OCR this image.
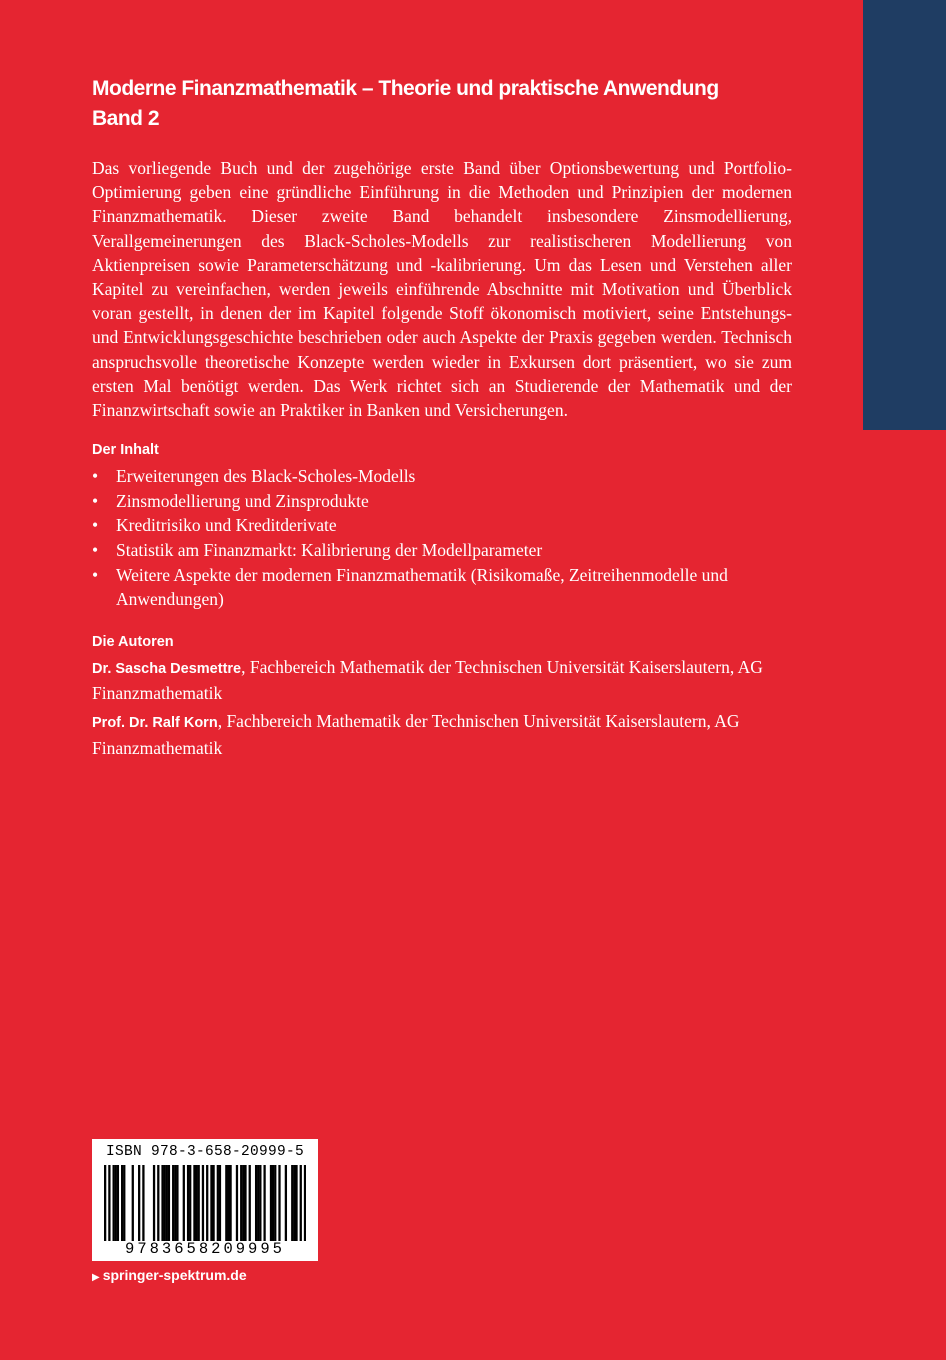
Moderne Finanzmathematik – Theorie und praktische Anwendung
Band 2

Das vorliegende Buch und der zugehörige erste Band über Optionsbewertung und Portfolio-Optimierung geben eine gründliche Einführung in die Methoden und Prinzipien der modernen Finanzmathematik. Dieser zweite Band behandelt insbesondere Zinsmodellierung, Verallgemeinerungen des Black-Scholes-Modells zur realistischeren Modellierung von Aktienpreisen sowie Parameterschätzung und -kalibrierung. Um das Lesen und Verstehen aller Kapitel zu vereinfachen, werden jeweils einführende Abschnitte mit Motivation und Überblick voran gestellt, in denen der im Kapitel folgende Stoff ökonomisch motiviert, seine Entstehungs- und Entwicklungsgeschichte beschrieben oder auch Aspekte der Praxis gegeben werden. Technisch anspruchsvolle theoretische Konzepte werden wieder in Exkursen dort präsentiert, wo sie zum ersten Mal benötigt werden. Das Werk richtet sich an Studierende der Mathematik und der Finanzwirtschaft sowie an Praktiker in Banken und Versicherungen.

Der Inhalt
• Erweiterungen des Black-Scholes-Modells
• Zinsmodellierung und Zinsprodukte
• Kreditrisiko und Kreditderivate
• Statistik am Finanzmarkt: Kalibrierung der Modellparameter
• Weitere Aspekte der modernen Finanzmathematik (Risikomaße, Zeitreihenmodelle und Anwendungen)
Die Autoren

Dr. Sascha Desmettre, Fachbereich Mathematik der Technischen Universität Kaiserslautern, AG Finanzmathematik

Prof. Dr. Ralf Korn, Fachbereich Mathematik der Technischen Universität Kaiserslautern, AG Finanzmathematik

ISBN 978-3-658-20999-5
9783658209995
▶ springer-spektrum.de
